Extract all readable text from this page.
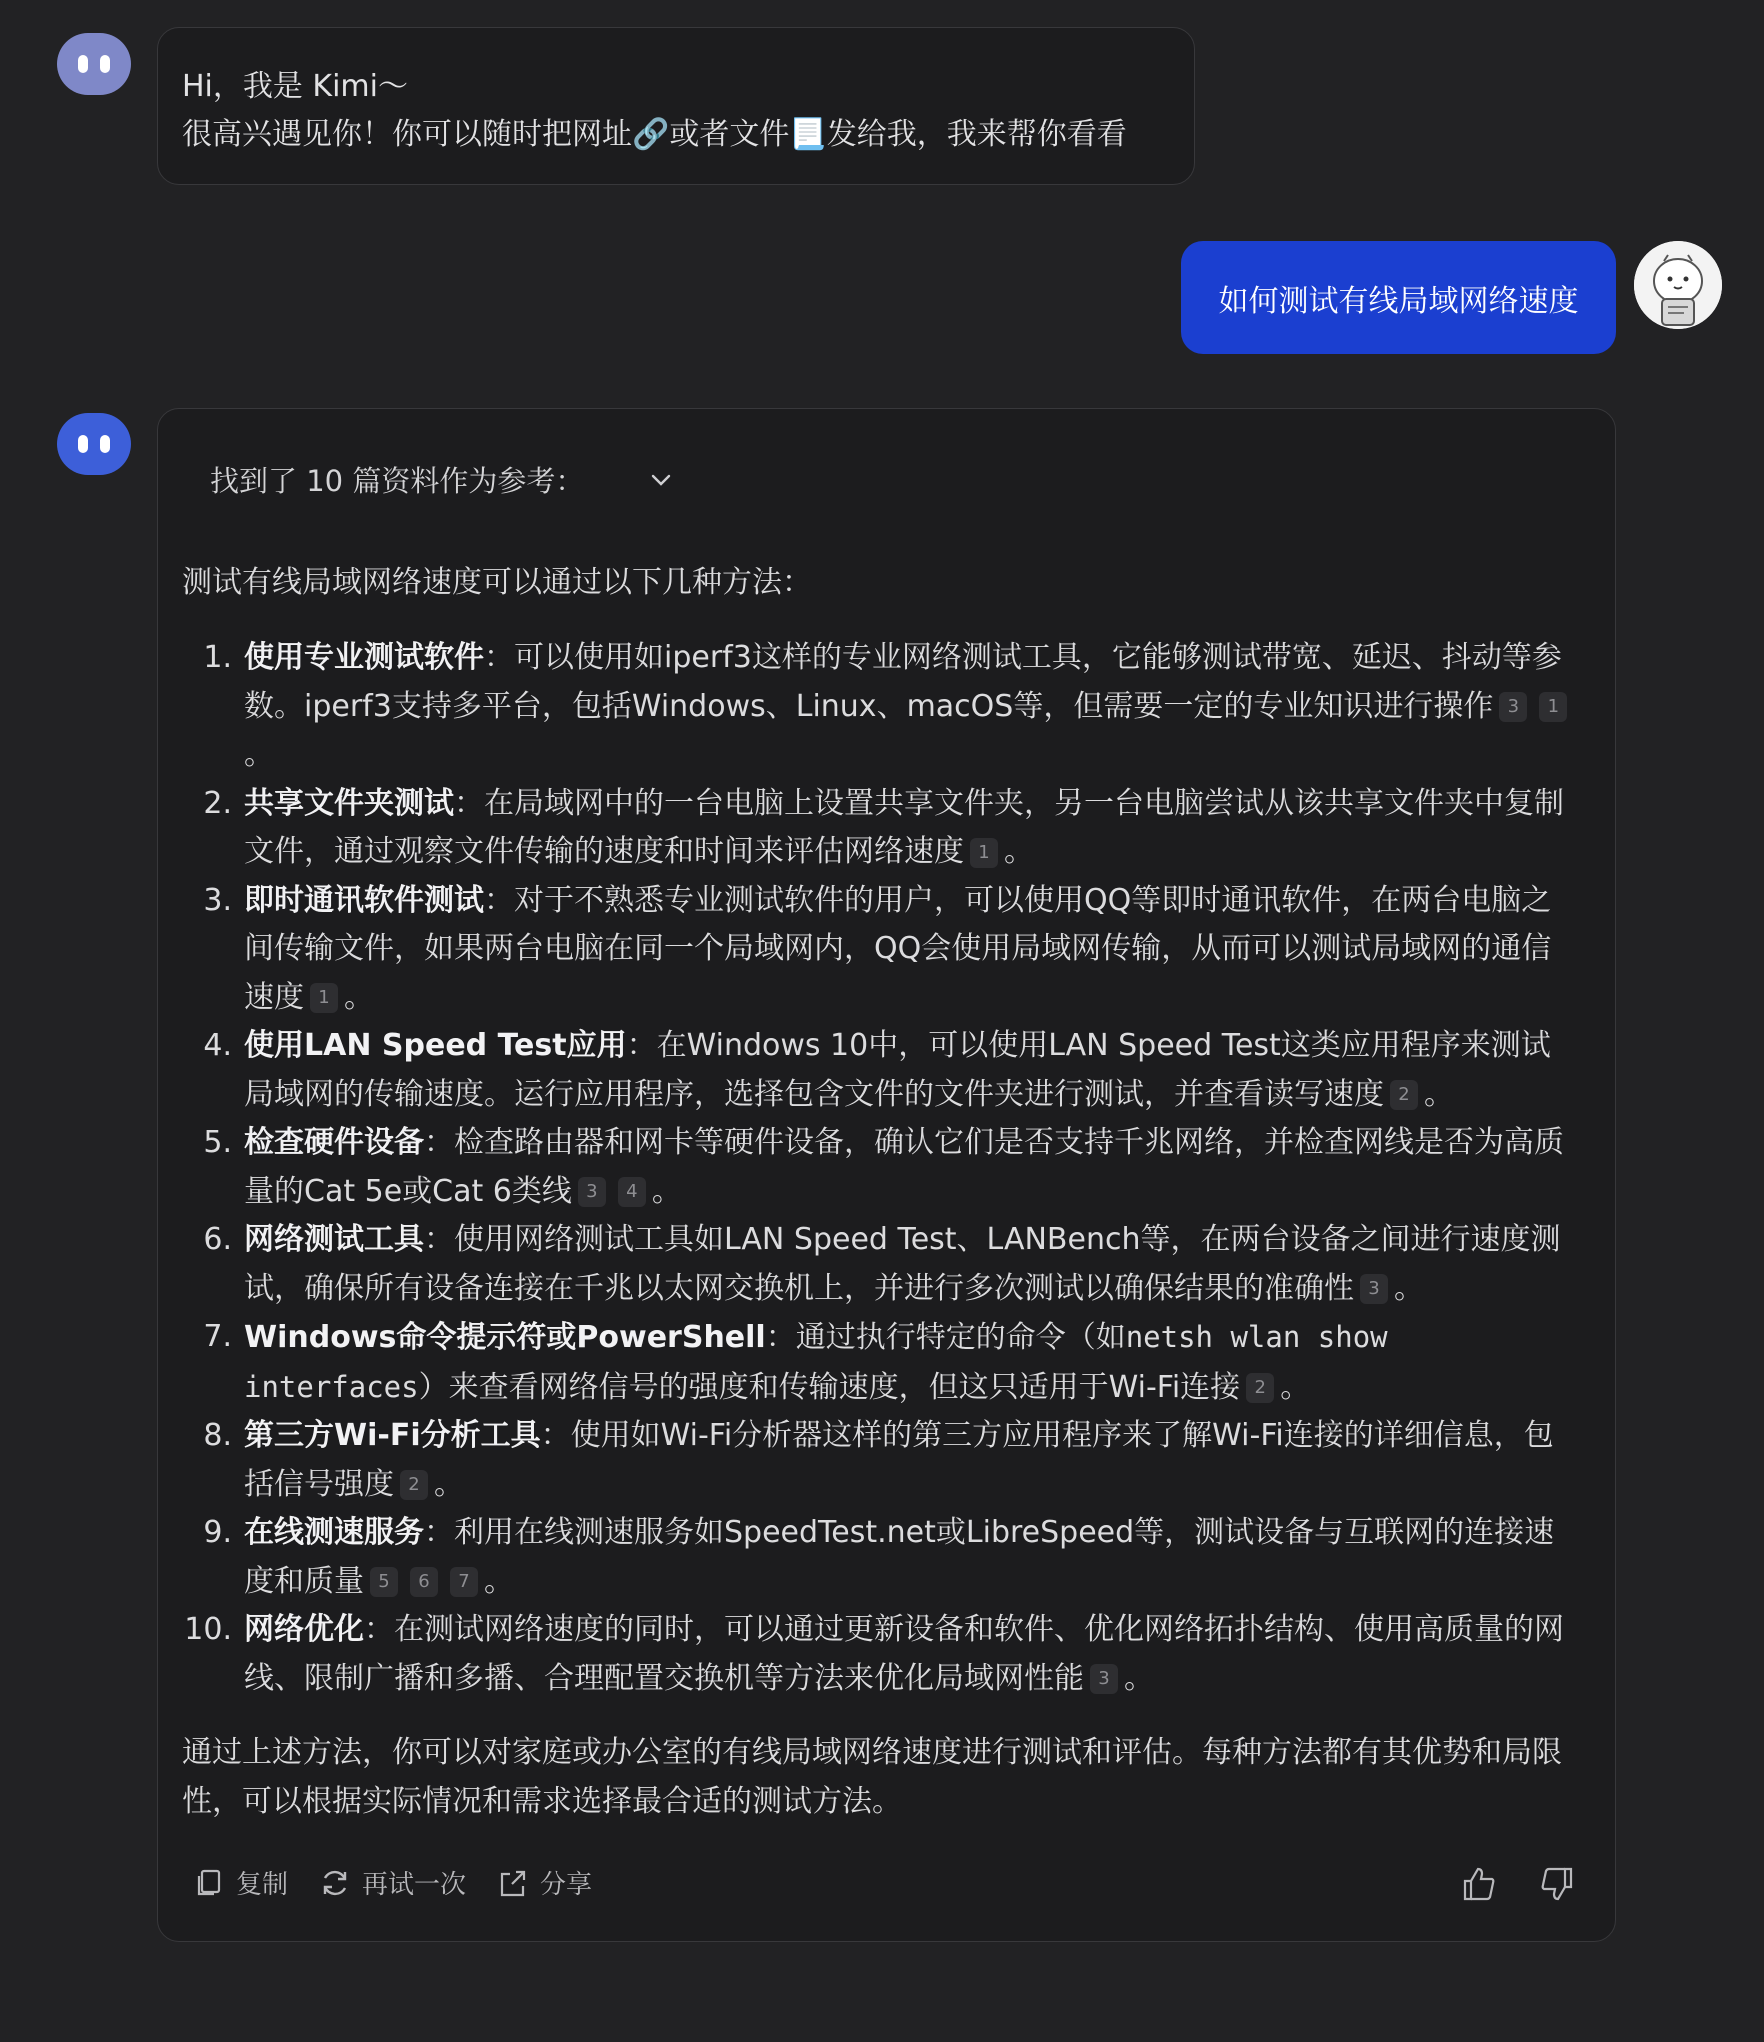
Hi，我是 Kimi～
很高兴遇见你！你可以随时把网址🔗或者文件📃发给我，我来帮你看看
如何测试有线局域网络速度
找到了 10 篇资料作为参考：
测试有线局域网络速度可以通过以下几种方法：
1. 使用专业测试软件：可以使用如iperf3这样的专业网络测试工具，它能够测试带宽、延迟、抖动等参数。iperf3支持多平台，包括Windows、Linux、macOS等，但需要一定的专业知识进行操作 3 1。
2. 共享文件夹测试：在局域网中的一台电脑上设置共享文件夹，另一台电脑尝试从该共享文件夹中复制文件，通过观察文件传输的速度和时间来评估网络速度 1 。
3. 即时通讯软件测试：对于不熟悉专业测试软件的用户，可以使用QQ等即时通讯软件，在两台电脑之间传输文件，如果两台电脑在同一个局域网内，QQ会使用局域网传输，从而可以测试局域网的通信速度 1 。
4. 使用LAN Speed Test应用：在Windows 10中，可以使用LAN Speed Test这类应用程序来测试局域网的传输速度。运行应用程序，选择包含文件的文件夹进行测试，并查看读写速度 2 。
5. 检查硬件设备：检查路由器和网卡等硬件设备，确认它们是否支持千兆网络，并检查网线是否为高质量的Cat 5e或Cat 6类线 3 4 。
6. 网络测试工具：使用网络测试工具如LAN Speed Test、LANBench等，在两台设备之间进行速度测试，确保所有设备连接在千兆以太网交换机上，并进行多次测试以确保结果的准确性 3 。
7. Windows命令提示符或PowerShell：通过执行特定的命令（如netsh wlan show interfaces）来查看网络信号的强度和传输速度，但这只适用于Wi-Fi连接 2 。
8. 第三方Wi-Fi分析工具：使用如Wi-Fi分析器这样的第三方应用程序来了解Wi-Fi连接的详细信息，包括信号强度 2 。
9. 在线测速服务：利用在线测速服务如SpeedTest.net或LibreSpeed等，测试设备与互联网的连接速度和质量 5 6 7 。
10. 网络优化：在测试网络速度的同时，可以通过更新设备和软件、优化网络拓扑结构、使用高质量的网线、限制广播和多播、合理配置交换机等方法来优化局域网性能 3 。
通过上述方法，你可以对家庭或办公室的有线局域网络速度进行测试和评估。每种方法都有其优势和局限性，可以根据实际情况和需求选择最合适的测试方法。
复制	再试一次	分享
